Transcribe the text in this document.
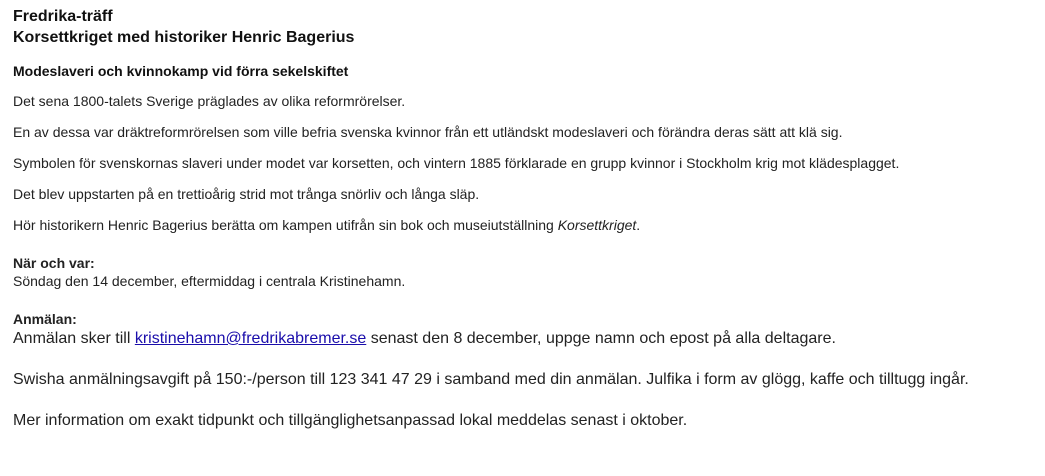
Fredrika-träff
Korsettkriget med historiker Henric Bagerius
Modeslaveri och kvinnokamp vid förra sekelskiftet

Det sena 1800-talets Sverige präglades av olika reformrörelser.

En av dessa var dräktreformrörelsen som ville befria svenska kvinnor från ett utländskt modeslaveri och förändra deras sätt att klä sig.

Symbolen för svenskornas slaveri under modet var korsetten, och vintern 1885 förklarade en grupp kvinnor i Stockholm krig mot klädesplagget.

Det blev uppstarten på en trettioårig strid mot trånga snörliv och långa släp.

Hör historikern Henric Bagerius berätta om kampen utifrån sin bok och museiutställning Korsettkriget.

När och var:
Söndag den 14 december, eftermiddag i centrala Kristinehamn.
Anmälan:
Anmälan sker till kristinehamn@fredrikabremer.se senast den 8 december, uppge namn och epost på alla deltagare.
Swisha anmälningsavgift på 150:-/person till 123 341 47 29 i samband med din anmälan. Julfika i form av glögg, kaffe och tilltugg ingår.
Mer information om exakt tidpunkt och tillgänglighetsanpassad lokal meddelas senast i oktober.
